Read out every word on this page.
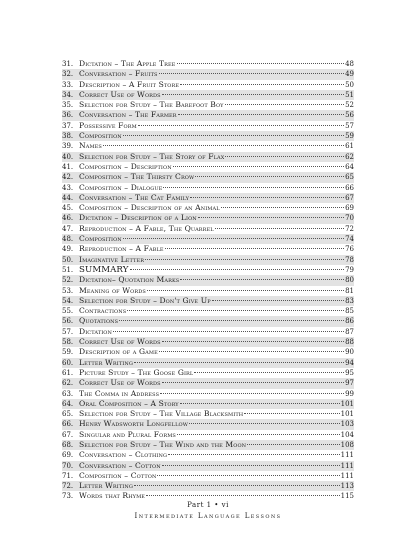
31. Dictation – The Apple Tree	48
32. Conversation – Fruits	49
33. Description – A Fruit Store	50
34. Correct Use of Words	51
35. Selection for Study – The Barefoot Boy	52
36. Conversation – The Farmer	56
37. Possessive Form	57
38. Composition	59
39. Names	61
40. Selection for Study – The Story of Flax	62
41. Composition – Description	64
42. Composition – The Thirsty Crow	65
43. Composition – Dialogue	66
44. Conversation – The Cat Family	67
45. Composition – Description of an Animal	69
46. Dictation – Description of a Lion	70
47. Reproduction – A Fable, The Quarrel	72
48. Composition	74
49. Reproduction – A Fable	76
50. Imaginative Letter	78
51. SUMMARY	79
52. Dictation– Quotation Marks	80
53. Meaning of Words	81
54. Selection for Study – Don't Give Up	83
55. Contractions	85
56. Quotations	86
57. Dictation	87
58. Correct Use of Words	88
59. Description of a Game	90
60. Letter Writing	94
61. Picture Study – The Goose Girl	95
62. Correct Use of Words	97
63. The Comma in Address	99
64. Oral Composition – A Story	101
65. Selection for Study – The Village Blacksmith	101
66. Henry Wadsworth Longfellow	103
67. Singular and Plural Forms	104
68. Selection for Study – The Wind and the Moon	108
69. Conversation – Clothing	111
70. Conversation – Cotton	111
71. Composition – Cotton	111
72. Letter Writing	113
73. Words that Rhyme	115
Part 1 • vi
Intermediate Language Lessons
